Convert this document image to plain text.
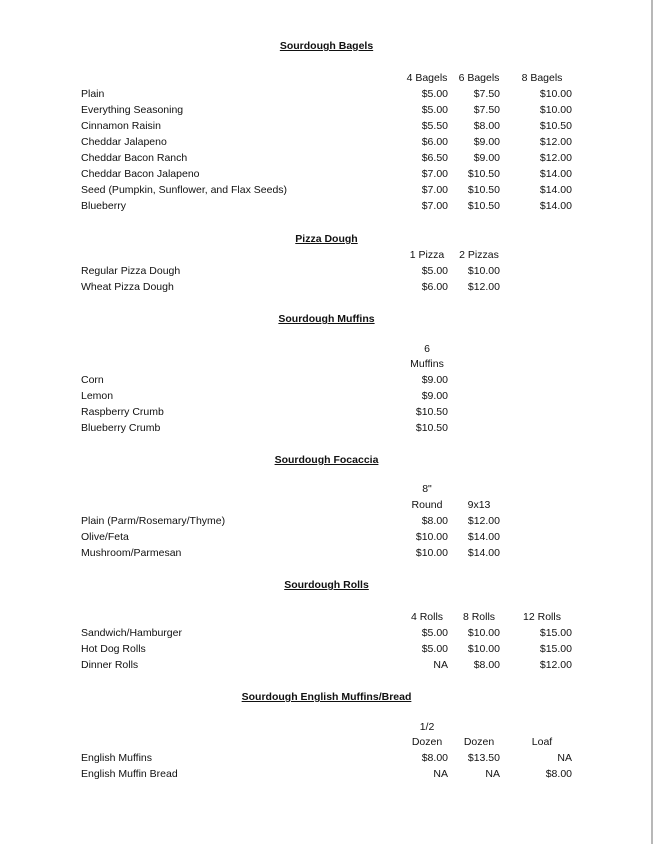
Sourdough Bagels
4 Bagels	6 Bagels	8 Bagels
Plain	$5.00 $7.50	$10.00
Everything Seasoning	$5.00 $7.50	$10.00
Cinnamon Raisin	$5.50 $8.00	$10.50
Cheddar Jalapeno	$6.00 $9.00	$12.00
Cheddar Bacon Ranch	$6.50 $9.00	$12.00
Cheddar Bacon Jalapeno	$7.00 $10.50	$14.00
Seed (Pumpkin, Sunflower, and Flax Seeds)	$7.00 $10.50	$14.00
Blueberry	$7.00 $10.50	$14.00
Pizza Dough
1 Pizza	2 Pizzas
Regular Pizza Dough	$5.00 $10.00
Wheat Pizza Dough	$6.00 $12.00
Sourdough Muffins
6
Muffins
Corn	$9.00
Lemon	$9.00
Raspberry Crumb	$10.50
Blueberry Crumb	$10.50
Sourdough Focaccia
8"
Round	9x13
Plain (Parm/Rosemary/Thyme)	$8.00 $12.00
Olive/Feta	$10.00 $14.00
Mushroom/Parmesan	$10.00 $14.00
Sourdough Rolls
4 Rolls	8 Rolls	12 Rolls
Sandwich/Hamburger	$5.00 $10.00	$15.00
Hot Dog Rolls	$5.00 $10.00	$15.00
Dinner Rolls	NA $8.00	$12.00
Sourdough English Muffins/Bread
1/2
Dozen	Dozen	Loaf
English Muffins	$8.00 $13.50	NA
English Muffin Bread	NA	NA	$8.00
